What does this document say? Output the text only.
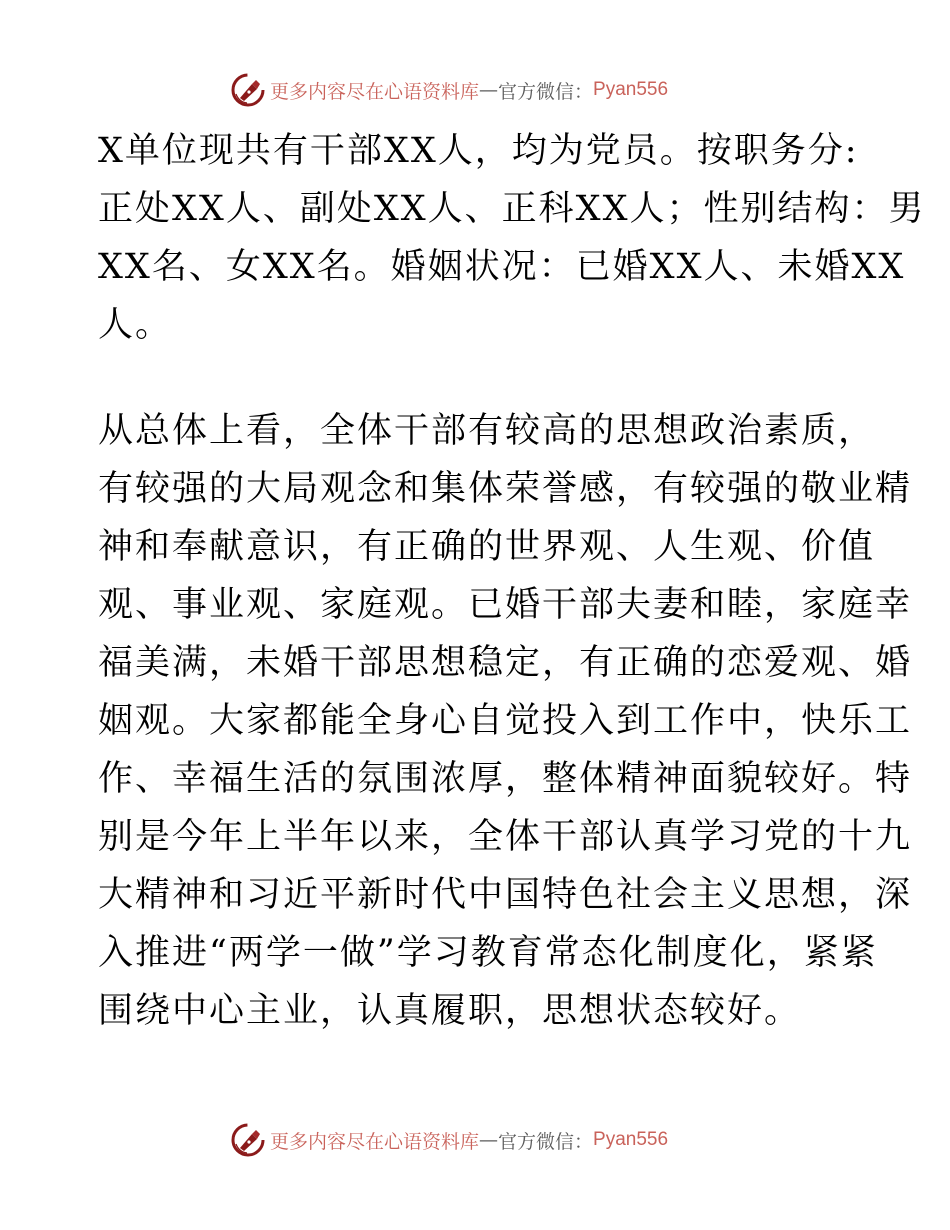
更多内容尽在心语资料库 — 官方微信： Pyan556
X单位现共有干部XX人，均为党员。按职务分:
正处XX人、副处XX人、正科XX人；性别结构：男
XX名、女XX名。婚姻状况：已婚XX人、未婚XX
人。
从总体上看，全体干部有较高的思想政治素质，
有较强的大局观念和集体荣誉感，有较强的敬业精
神和奉献意识，有正确的世界观、人生观、价值
观、事业观、家庭观。已婚干部夫妻和睦，家庭幸
福美满，未婚干部思想稳定，有正确的恋爱观、婚
姻观。大家都能全身心自觉投入到工作中，快乐工
作、幸福生活的氛围浓厚，整体精神面貌较好。特
别是今年上半年以来，全体干部认真学习党的十九
大精神和习近平新时代中国特色社会主义思想，深
入推进“两学一做”学习教育常态化制度化，紧紧
围绕中心主业，认真履职，思想状态较好。
更多内容尽在心语资料库 — 官方微信： Pyan556
